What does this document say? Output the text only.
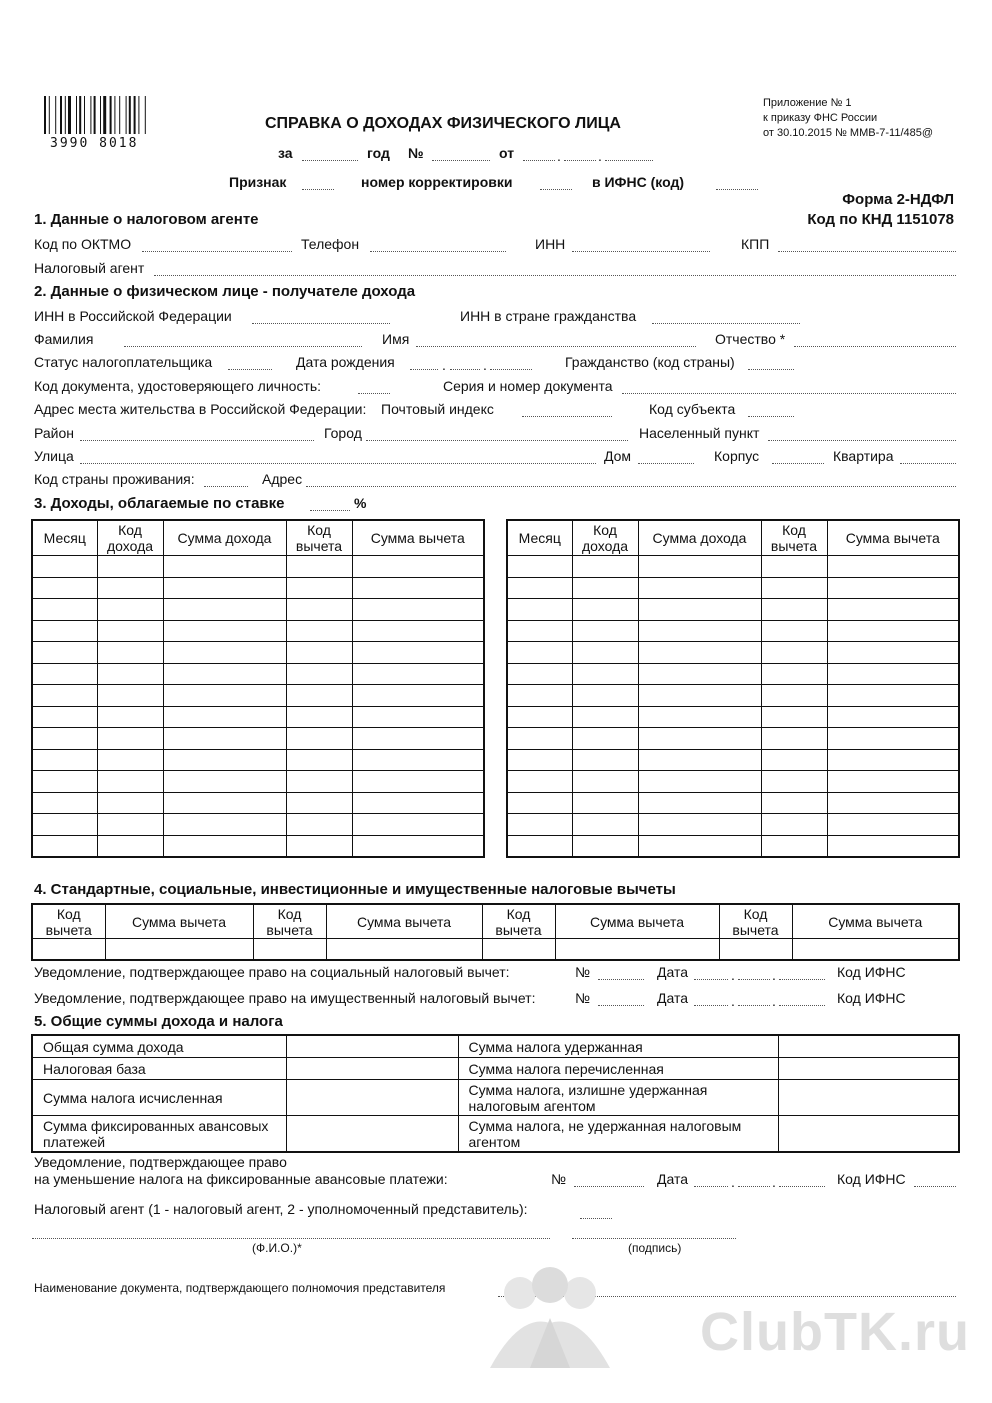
3990 8018
СПРАВКА О ДОХОДАХ ФИЗИЧЕСКОГО ЛИЦА
за	год №	от	.	.
Признак	номер корректировки	в ИФНС (код)
Приложение № 1
к приказу ФНС России
от 30.10.2015 № ММВ-7-11/485@
Форма 2-НДФЛ
Код по КНД 1151078
1. Данные о налоговом агенте
Код по ОКТМО	Телефон	ИНН	КПП
Налоговый агент
2. Данные о физическом лице - получателе дохода
ИНН в Российской Федерации	ИНН в стране гражданства
Фамилия	Имя	Отчество *
Статус налогоплательщика	Дата рождения	.	.	Гражданство (код страны)
Код документа, удостоверяющего личность:	Серия и номер документа
Адрес места жительства в Российской Федерации: Почтовый индекс	Код субъекта
Район	Город	Населенный пункт
Улица	Дом	Корпус	Квартира
Код страны проживания:	Адрес
3. Доходы, облагаемые по ставке	%
Месяц	Код дохода	Сумма дохода	Код вычета	Сумма вычета

					Месяц	Код дохода	Сумма дохода	Код вычета	Сумма вычета

4. Стандартные, социальные, инвестиционные и имущественные налоговые вычеты
Код вычета	Сумма вычета	Код вычета	Сумма вычета	Код вычета	Сумма вычета	Код вычета	Сумма вычета

Уведомление, подтверждающее право на социальный налоговый вычет:	№	Дата	.	.	Код ИФНС
Уведомление, подтверждающее право на имущественный налоговый вычет:	№	Дата	.	.	Код ИФНС
5. Общие суммы дохода и налога
Общая сумма дохода		Сумма налога удержанная	
Налоговая база		Сумма налога перечисленная	
Сумма налога исчисленная		Сумма налога, излишне удержанная налоговым агентом	
Сумма фиксированных авансовых платежей		Сумма налога, не удержанная налоговым агентом	
Уведомление, подтверждающее право
на уменьшение налога на фиксированные авансовые платежи:	№	Дата	.	.	Код ИФНС
Налоговый агент (1 - налоговый агент, 2 - уполномоченный представитель):
(Ф.И.О.)*	(подпись)
Наименование документа, подтверждающего полномочия представителя
ClubTK.ru
